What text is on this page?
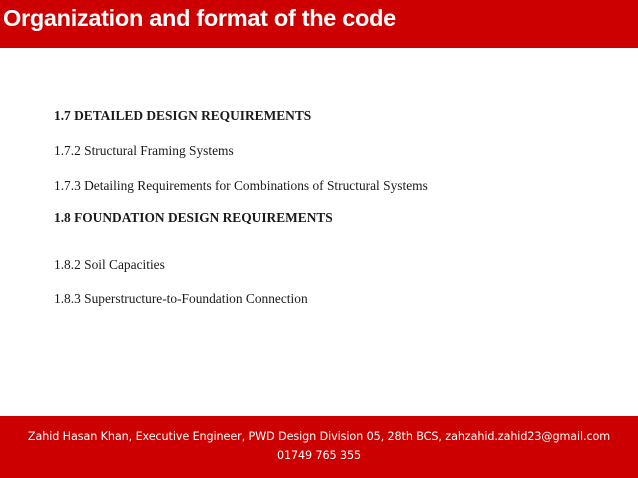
Organization and format of the code
1.7 DETAILED DESIGN REQUIREMENTS
1.7.2 Structural Framing Systems
1.7.3 Detailing Requirements for Combinations of Structural Systems
1.8 FOUNDATION DESIGN REQUIREMENTS
1.8.2 Soil Capacities
1.8.3 Superstructure-to-Foundation Connection
Zahid Hasan Khan, Executive Engineer, PWD Design Division 05, 28th BCS, zahzahid.zahid23@gmail.com
01749 765 355
